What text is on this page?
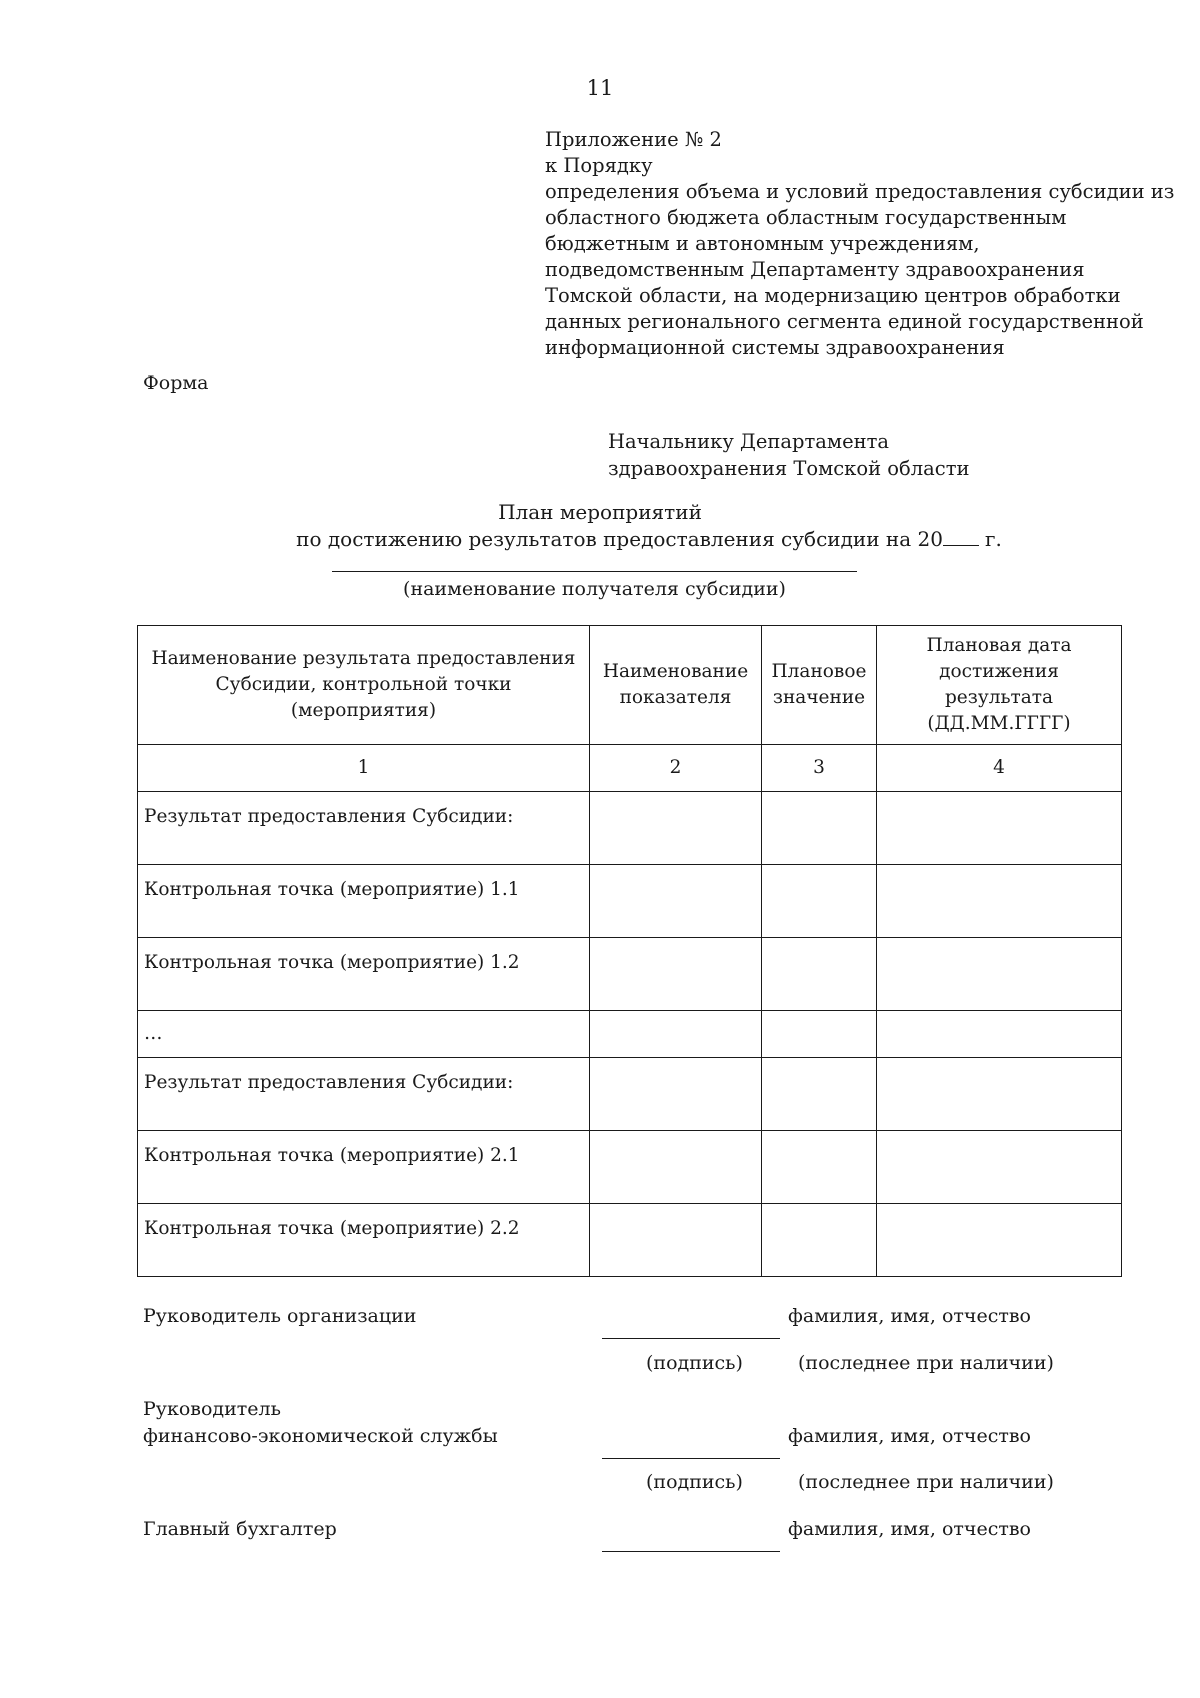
11
Приложение № 2
к Порядку
определения объема и условий предоставления субсидии из
областного бюджета областным государственным
бюджетным и автономным учреждениям,
подведомственным Департаменту здравоохранения
Томской области, на модернизацию центров обработки
данных регионального сегмента единой государственной
информационной системы здравоохранения
Форма
Начальнику Департамента
здравоохранения Томской области
План мероприятий
по достижению результатов предоставления субсидии на 20 г.
(наименование получателя субсидии)
Наименование результата предоставления Субсидии, контрольной точки (мероприятия)	Наименование показателя	Плановое значение	Плановая дата достижения результата (ДД.ММ.ГГГГ)
1	2	3	4
Результат предоставления Субсидии:			
Контрольная точка (мероприятие) 1.1			
Контрольная точка (мероприятие) 1.2			
…			
Результат предоставления Субсидии:			
Контрольная точка (мероприятие) 2.1			
Контрольная точка (мероприятие) 2.2			
Руководитель организации	фамилия, имя, отчество
(подпись)	(последнее при наличии)
Руководитель
финансово-экономической службы	фамилия, имя, отчество
(подпись)	(последнее при наличии)
Главный бухгалтер	фамилия, имя, отчество
